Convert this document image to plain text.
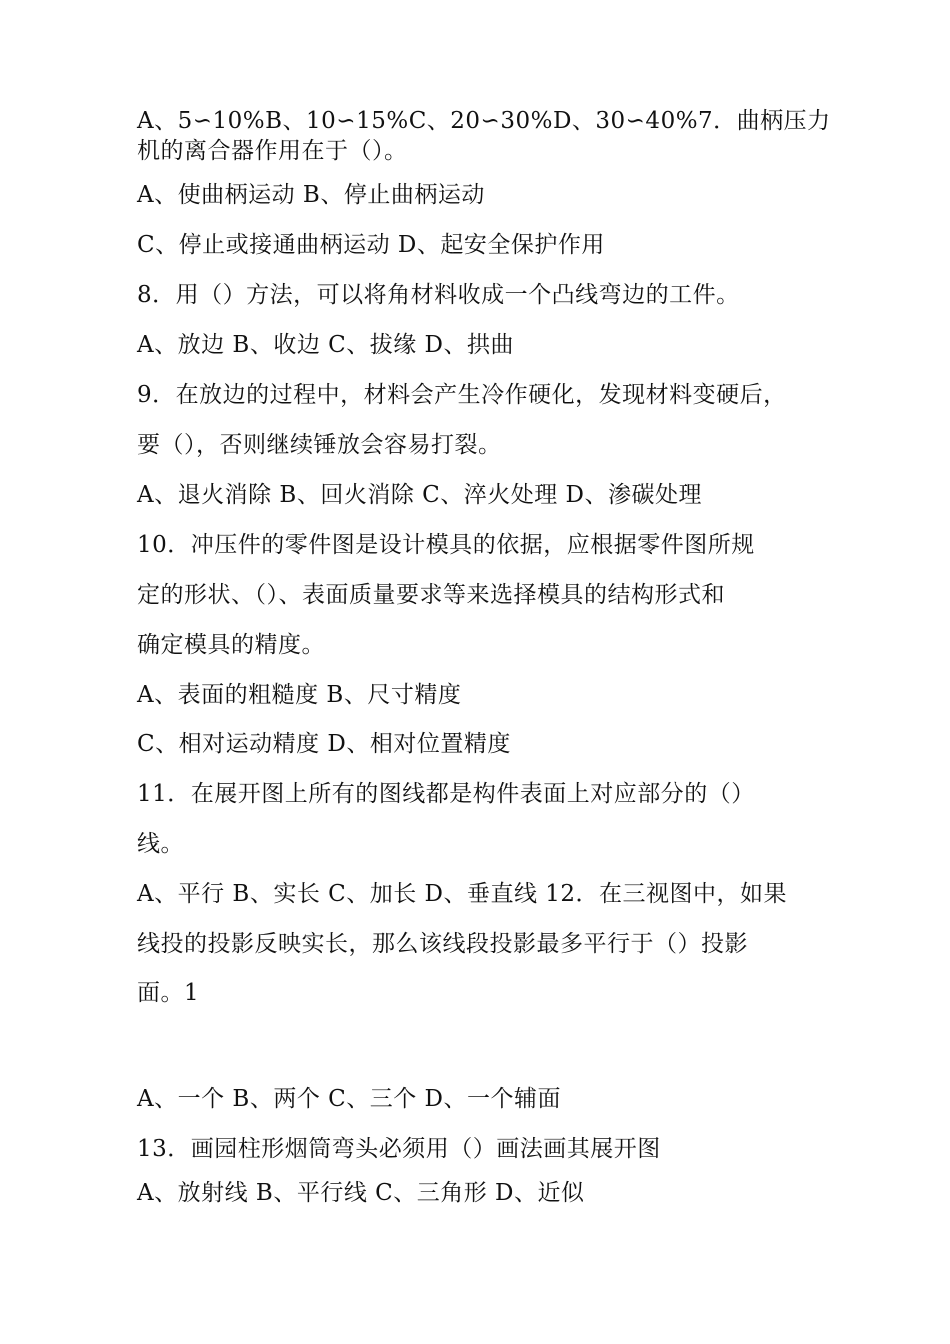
A、5∽10%B、10∽15%C、20∽30%D、30∽40%7．曲柄压力
机的离合器作用在于（）。
A、使曲柄运动 B、停止曲柄运动
C、停止或接通曲柄运动 D、起安全保护作用
8．用（）方法，可以将角材料收成一个凸线弯边的工件。
A、放边 B、收边 C、拔缘 D、拱曲
9．在放边的过程中，材料会产生冷作硬化，发现材料变硬后，
要（），否则继续锤放会容易打裂。
A、退火消除 B、回火消除 C、淬火处理 D、渗碳处理
10．冲压件的零件图是设计模具的依据，应根据零件图所规
定的形状、（）、表面质量要求等来选择模具的结构形式和
确定模具的精度。
A、表面的粗糙度 B、尺寸精度
C、相对运动精度 D、相对位置精度
11．在展开图上所有的图线都是构件表面上对应部分的（）
线。
A、平行 B、实长 C、加长 D、垂直线 12．在三视图中，如果
线投的投影反映实长，那么该线段投影最多平行于（）投影
面。1
A、一个 B、两个 C、三个 D、一个辅面
13．画园柱形烟筒弯头必须用（）画法画其展开图
A、放射线 B、平行线 C、三角形 D、近似
